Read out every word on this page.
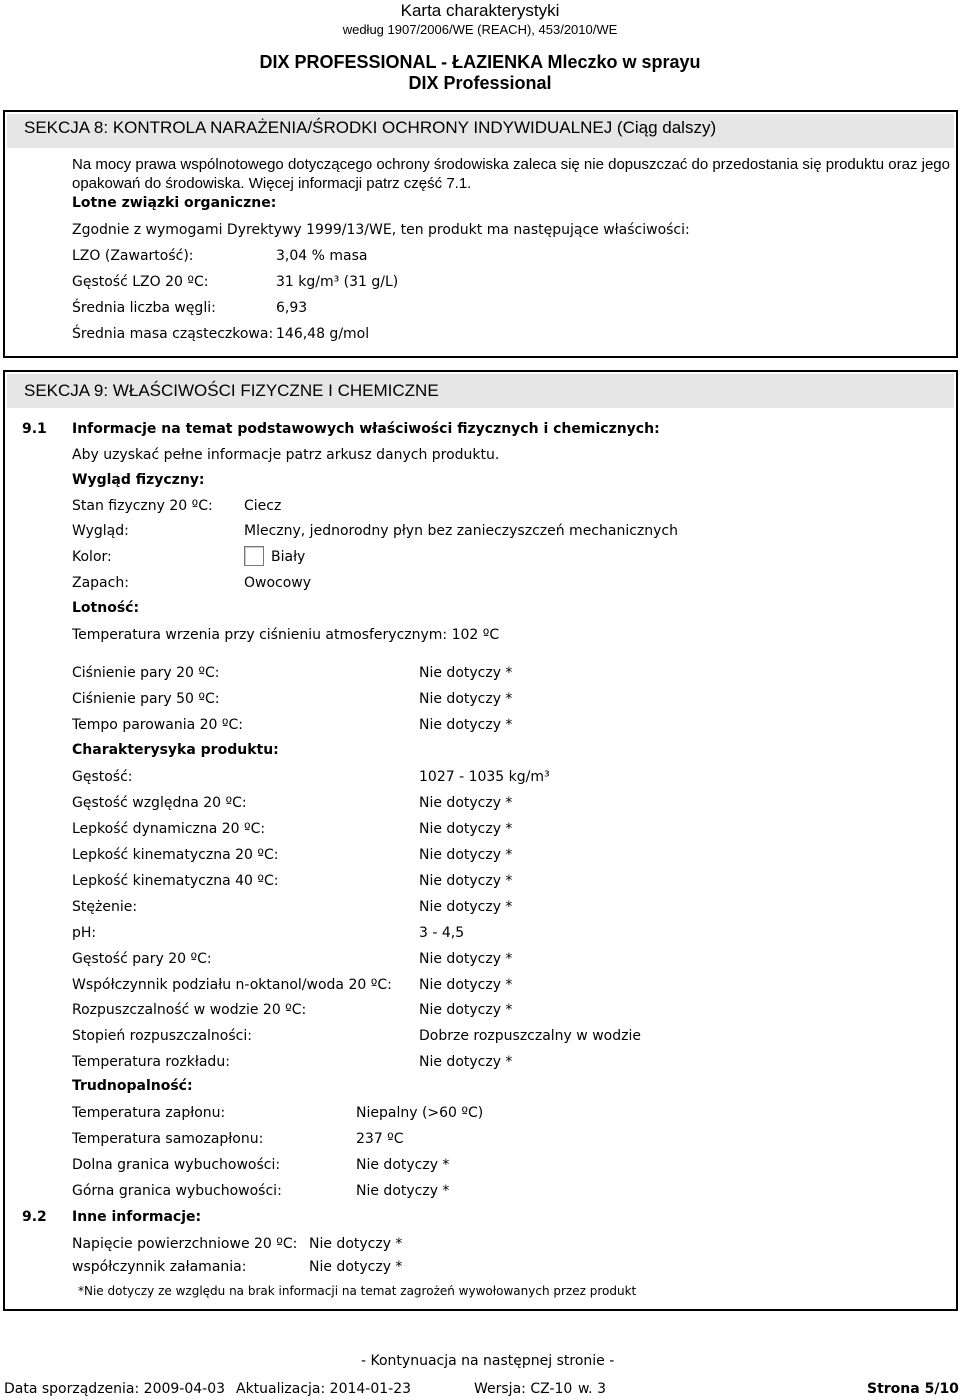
Karta charakterystyki
według 1907/2006/WE (REACH), 453/2010/WE
DIX PROFESSIONAL - ŁAZIENKA Mleczko w sprayu
DIX Professional
SEKCJA 8: KONTROLA NARAŻENIA/ŚRODKI OCHRONY INDYWIDUALNEJ (Ciąg dalszy)
Na mocy prawa wspólnotowego dotyczącego ochrony środowiska zaleca się nie dopuszczać do przedostania się produktu oraz jego
opakowań do środowiska. Więcej informacji patrz część 7.1.
Lotne związki organiczne:
Zgodnie z wymogami Dyrektywy 1999/13/WE, ten produkt ma następujące właściwości:
LZO (Zawartość):	3,04 % masa
Gęstość LZO 20 ºC:	31 kg/m³ (31 g/L)
Średnia liczba węgli:	6,93
Średnia masa cząsteczkowa: 146,48 g/mol
SEKCJA 9: WŁAŚCIWOŚCI FIZYCZNE I CHEMICZNE
9.1 Informacje na temat podstawowych właściwości fizycznych i chemicznych:
Aby uzyskać pełne informacje patrz arkusz danych produktu.
Wygląd fizyczny:
Stan fizyczny 20 ºC: Ciecz
Wygląd:	Mleczny, jednorodny płyn bez zanieczyszczeń mechanicznych
Kolor:	Biały
Zapach:	Owocowy
Lotność:
Temperatura wrzenia przy ciśnieniu atmosferycznym: 102 ºC
Ciśnienie pary 20 ºC:	Nie dotyczy *
Ciśnienie pary 50 ºC:	Nie dotyczy *
Tempo parowania 20 ºC:	Nie dotyczy *
Charakterysyka produktu:
Gęstość:	1027 - 1035 kg/m³
Gęstość względna 20 ºC:	Nie dotyczy *
Lepkość dynamiczna 20 ºC:	Nie dotyczy *
Lepkość kinematyczna 20 ºC:	Nie dotyczy *
Lepkość kinematyczna 40 ºC:	Nie dotyczy *
Stężenie:	Nie dotyczy *
pH:	3 - 4,5
Gęstość pary 20 ºC:	Nie dotyczy *
Współczynnik podziału n-oktanol/woda 20 ºC: Nie dotyczy *
Rozpuszczalność w wodzie 20 ºC:	Nie dotyczy *
Stopień rozpuszczalności:	Dobrze rozpuszczalny w wodzie
Temperatura rozkładu:	Nie dotyczy *
Trudnopalność:
Temperatura zapłonu:	Niepalny (>60 ºC)
Temperatura samozapłonu:	237 ºC
Dolna granica wybuchowości:	Nie dotyczy *
Górna granica wybuchowości:	Nie dotyczy *
9.2 Inne informacje:
Napięcie powierzchniowe 20 ºC: Nie dotyczy *
współczynnik załamania:	Nie dotyczy *
*Nie dotyczy ze względu na brak informacji na temat zagrożeń wywołowanych przez produkt
- Kontynuacja na następnej stronie -
Data sporządzenia: 2009-04-03 Aktualizacja: 2014-01-23	Wersja: CZ-10 w. 3	Strona 5/10
